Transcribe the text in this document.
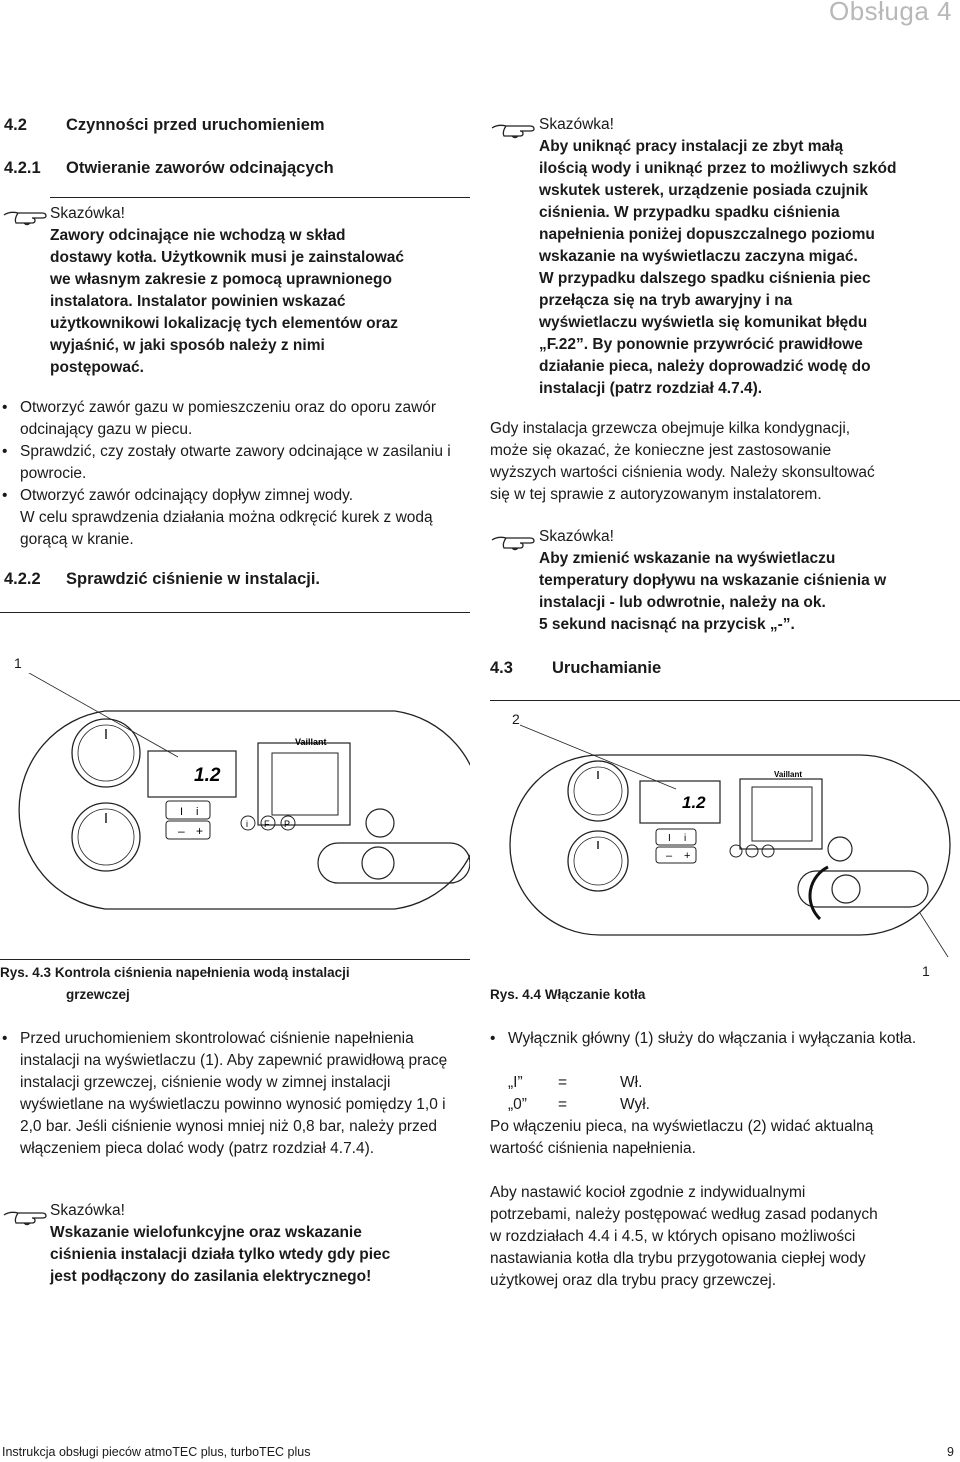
Obsługa 4
4.2 Czynności przed uruchomieniem
4.2.1 Otwieranie zaworów odcinających
Skazówka!
Zawory odcinające nie wchodzą w skład
dostawy kotła. Użytkownik musi je zainstalować
we własnym zakresie z pomocą uprawnionego
instalatora. Instalator powinien wskazać
użytkownikowi lokalizację tych elementów oraz
wyjaśnić, w jaki sposób należy z nimi
postępować.
• Otworzyć zawór gazu w pomieszczeniu oraz do oporu zawór odcinający gazu w piecu.
• Sprawdzić, czy zostały otwarte zawory odcinające w zasilaniu i powrocie.
• Otworzyć zawór odcinający dopływ zimnej wody.
W celu sprawdzenia działania można odkręcić kurek z wodą gorącą w kranie.
4.2.2 Sprawdzić ciśnienie w instalacji.
1
1.2
Vaillant
I i
– +	i F P
Rys. 4.3 Kontrola ciśnienia napełnienia wodą instalacji
grzewczej
• Przed uruchomieniem skontrolować ciśnienie napełnienia instalacji na wyświetlaczu (1). Aby zapewnić prawidłową pracę instalacji grzewczej, ciśnienie wody w zimnej instalacji wyświetlane na wyświetlaczu powinno wynosić pomiędzy 1,0 i 2,0 bar. Jeśli ciśnienie wynosi mniej niż 0,8 bar, należy przed włączeniem pieca dolać wody (patrz rozdział 4.7.4).
Skazówka!
Wskazanie wielofunkcyjne oraz wskazanie
ciśnienia instalacji działa tylko wtedy gdy piec
jest podłączony do zasilania elektrycznego!
Skazówka!
Aby uniknąć pracy instalacji ze zbyt małą
ilością wody i uniknąć przez to możliwych szkód
wskutek usterek, urządzenie posiada czujnik
ciśnienia. W przypadku spadku ciśnienia
napełnienia poniżej dopuszczalnego poziomu
wskazanie na wyświetlaczu zaczyna migać.
W przypadku dalszego spadku ciśnienia piec
przełącza się na tryb awaryjny i na
wyświetlaczu wyświetla się komunikat błędu
„F.22”. By ponownie przywrócić prawidłowe
działanie pieca, należy doprowadzić wodę do
instalacji (patrz rozdział 4.7.4).
Gdy instalacja grzewcza obejmuje kilka kondygnacji,
może się okazać, że konieczne jest zastosowanie
wyższych wartości ciśnienia wody. Należy skonsultować
się w tej sprawie z autoryzowanym instalatorem.
Skazówka!
Aby zmienić wskazanie na wyświetlaczu
temperatury dopływu na wskazanie ciśnienia w
instalacji - lub odwrotnie, należy na ok.
5 sekund nacisnąć na przycisk „-”.
4.3 Uruchamianie
2
1.2
Vaillant
I i
– +
1
Rys. 4.4 Włączanie kotła
• Wyłącznik główny (1) służy do włączania i wyłączania kotła.
„I”	=	Wł.
„0”	=	Wył.
Po włączeniu pieca, na wyświetlaczu (2) widać aktualną
wartość ciśnienia napełnienia.
Aby nastawić kocioł zgodnie z indywidualnymi
potrzebami, należy postępować według zasad podanych
w rozdziałach 4.4 i 4.5, w których opisano możliwości
nastawiania kotła dla trybu przygotowania ciepłej wody
użytkowej oraz dla trybu pracy grzewczej.
Instrukcja obsługi pieców atmoTEC plus, turboTEC plus	9
